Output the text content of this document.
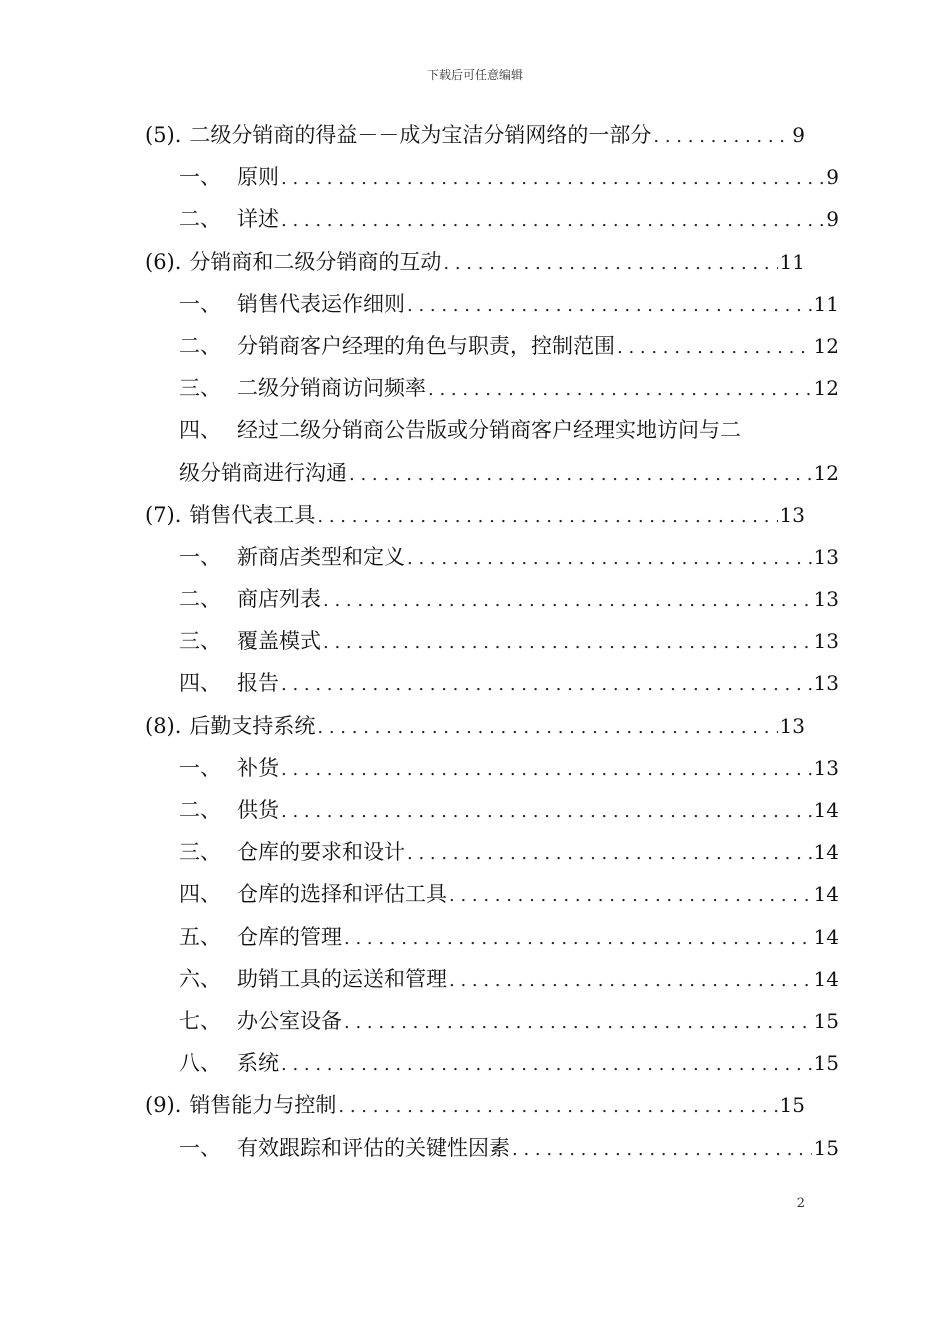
下载后可任意编辑
(5). 二级分销商的得益－－成为宝洁分销网络的一部分 . . .	9
一、 原则 . . .	9
二、 详述 . . .	9
(6). 分销商和二级分销商的互动 . . .	11
一、 销售代表运作细则 . . .	11
二、 分销商客户经理的角色与职责，控制范围 . . .	12
三、 二级分销商访问频率 . . .	12
四、 经过二级分销商公告版或分销商客户经理实地访问与二
级分销商进行沟通 . . .	12
(7). 销售代表工具 . . .	13
一、 新商店类型和定义 . . .	13
二、 商店列表 . . .	13
三、 覆盖模式 . . .	13
四、 报告 . . .	13
(8). 后勤支持系统 . . .	13
一、 补货 . . .	13
二、 供货 . . .	14
三、 仓库的要求和设计 . . .	14
四、 仓库的选择和评估工具 . . .	14
五、 仓库的管理 . . .	14
六、 助销工具的运送和管理 . . .	14
七、 办公室设备 . . .	15
八、 系统 . . .	15
(9). 销售能力与控制 . . .	15
一、 有效跟踪和评估的关键性因素 . . .	15
2
